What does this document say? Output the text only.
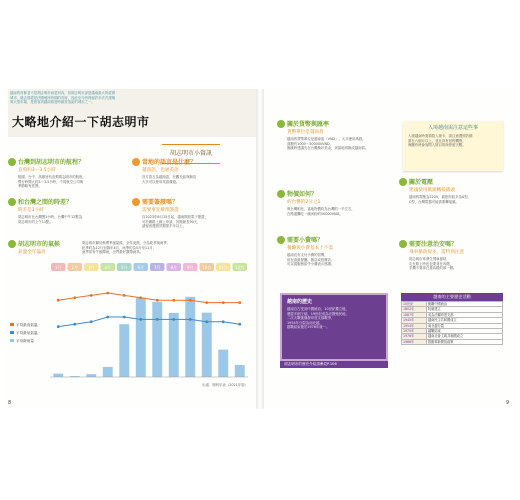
越南的首都並不是胡志明市而是河內，但胡志明市卻是越南最大的經濟

城市，過去曾經是法國殖民時期的首府，因此至今仍保留許多法式建築

與大型市場，是旅客到越南旅遊時最常造訪的城市之一。

大略地介紹一下胡志明市
胡志明市小資訊
台灣到胡志明市的航程？
直飛約3～3.5小時
桃園、台中、高雄皆有直飛胡志明市的航班，
飛行時間大約3～3.5小時，不同航空公司與
季節略有差異。
當地的語言是什麼？
越南語，也通英語
官方語言為越南語，在觀光區與飯店
大多可以使用英語溝通。
和台灣之間的時差？
時差是1小時
胡志明市比台灣慢1小時，台灣中午12點為
胡志明市的上午11點。
需要簽證嗎？
需要事先辦理簽證
自2023年8月15日起，越南開放電子簽證，
可於網路上線上申請，效期最長90天，
請留意護照效期需半年以上。
胡志明市的氣候
氣溫全年偏高
胡志明市屬於熱帶季風氣候，全年炎熱，分為乾季與雨季，
乾季約為12月至隔年4月，雨季約為5月至11月，
雨季常有午後陣雨，出門最好攜帶雨具。
1月 2月 3月 4月 5月 6月 7月 8月 9月 10月 11月 12月
平均最高氣溫
平均最低氣溫
平均降雨量
出處：理科年表（2021年版）
8
關於貨幣與匯率
貨幣單位是越南盾
越南的貨幣單位是越南盾（VND），大多使用紙鈔，
面額有1000～500000VND，
換匯時建議先在台灣換好美金，到當地再換成越南盾。
物價如何？
約台幣的2分之1
與台灣相比，當地物價約為台灣的一半左右，
在路邊攤吃一碗河粉約50000VND。
需要小費嗎？
餐廳與小費基本上不需
越南沒有支付小費的習慣，
但在高級餐廳、飯店或按摩店，
可以視服務給予小費表示感謝。
入境越南需注意這些事
入境越南時需填寫入境卡，請注意護照效期
需在六個月以上，並且持有回程機票。
海關有時會詢問入境目的與停留天數。
關於電壓
建議使用萬國轉接插頭
越南的電壓為220V，插座形狀多為A型、
C型，台灣電器可能需要轉接頭。
需要注意治安嗎？
飛車搶劫很多，需特別注意
胡志明市常發生飛車搶劫，
走在路上時包包要背在內側，
手機不要拿在靠馬路的那一側。
越南的歷史

越南自古受到中國統治，10世紀獨立後，

歷經多個王朝。19世紀成為法國殖民地，

二次大戰後爆發印度支那戰爭，

1954年分裂為南北越，

越戰結束後於1976年統一。

胡志明市的歷史介紹請參見P.106
越南的主要歷史活動
10世紀	脫離中國統治
1802年	阮朝建立
1887年	成為法屬印度支那
1945年	越南民主共和國成立
1954年	南北越分裂
1975年	越戰結束
1976年	越南社會主義共和國成立
1986年	推動革新開放政策
9
